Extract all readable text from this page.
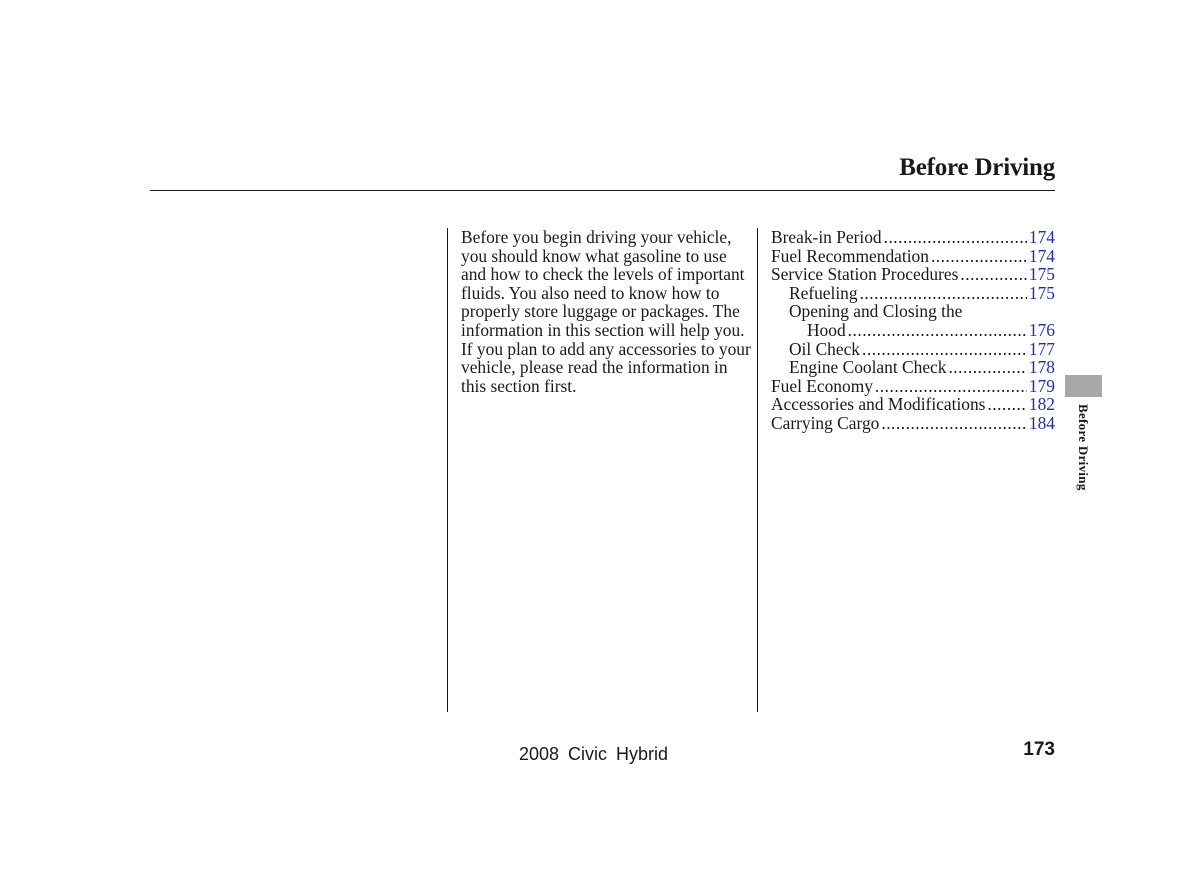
Before Driving

Before you begin driving your vehicle, you should know what gasoline to use and how to check the levels of important fluids. You also need to know how to properly store luggage or packages. The information in this section will help you. If you plan to add any accessories to your vehicle, please read the information in this section first.

Break-in Period .....	174
Fuel Recommendation .....	174
Service Station Procedures .....	175
Refueling .....	175
Opening and Closing the
Hood .....	176
Oil Check .....	177
Engine Coolant Check .....	178
Fuel Economy .....	179
Accessories and Modifications ..... 182
Carrying Cargo .....	184 Before Driving
2008 Civic Hybrid	173
